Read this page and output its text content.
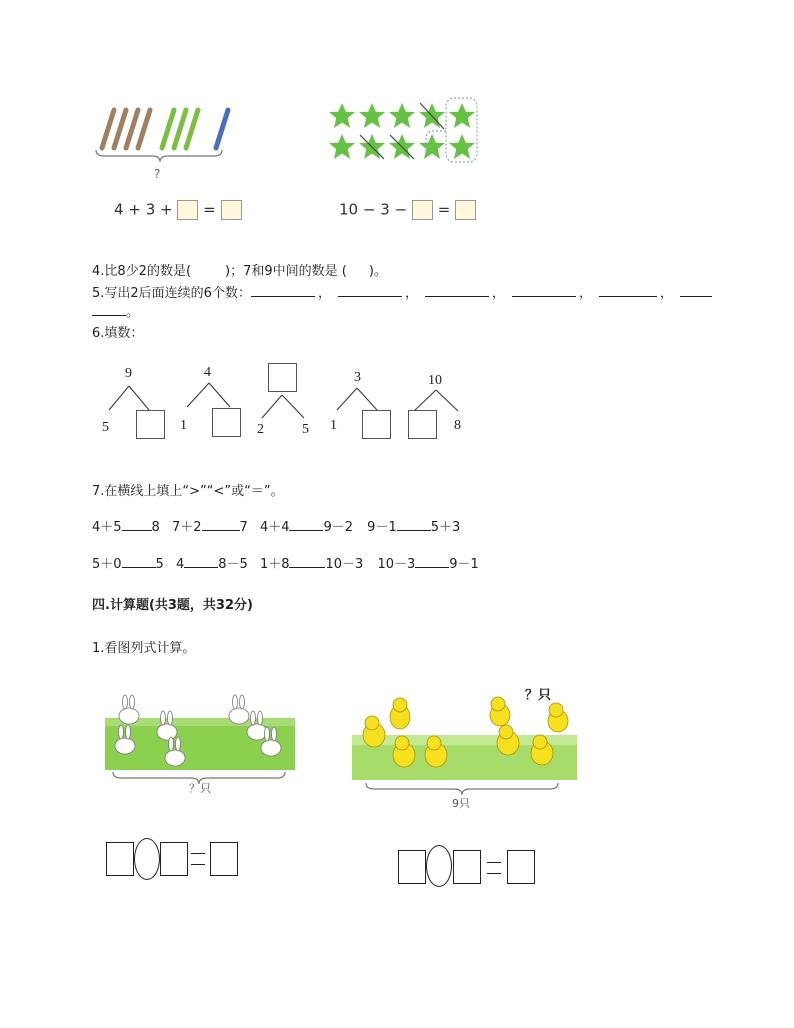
?
4 + 3 + =	10 − 3 − =
4.比8少2的数是(	)；7和9中间的数是 ( )。
5.写出2后面连续的6个数：	，	，	，	，	，
。
6.填数：
9
5
4
1	2	5
3
1
10
8
7.在横线上填上“>”“<”或“＝”。
4＋5 8 7＋2	7 4＋4	9－2 9－1	5＋3
5＋0	5 4	8－5 1＋8	10－3 10－3	9－1
四.计算题(共3题，共32分)
1.看图列式计算。
？只
？只
9只
